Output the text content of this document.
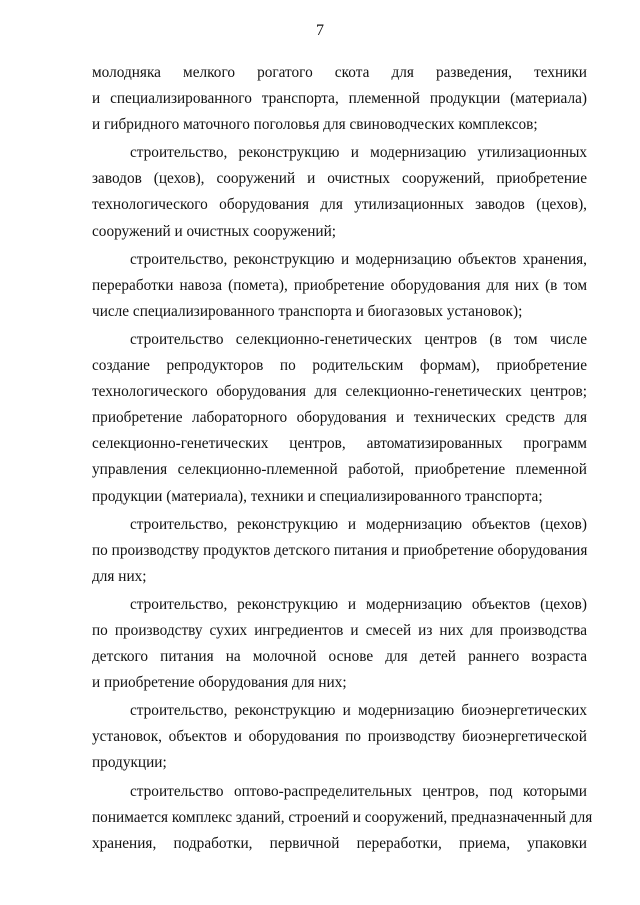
7
молодняка мелкого рогатого скота для разведения, техники
и специализированного транспорта, племенной продукции (материала)
и гибридного маточного поголовья для свиноводческих комплексов;
строительство, реконструкцию и модернизацию утилизационных
заводов (цехов), сооружений и очистных сооружений, приобретение
технологического оборудования для утилизационных заводов (цехов),
сооружений и очистных сооружений;
строительство, реконструкцию и модернизацию объектов хранения,
переработки навоза (помета), приобретение оборудования для них (в том
числе специализированного транспорта и биогазовых установок);
строительство селекционно-генетических центров (в том числе
создание репродукторов по родительским формам), приобретение
технологического оборудования для селекционно-генетических центров;
приобретение лабораторного оборудования и технических средств для
селекционно-генетических центров, автоматизированных программ
управления селекционно-племенной работой, приобретение племенной
продукции (материала), техники и специализированного транспорта;
строительство, реконструкцию и модернизацию объектов (цехов)
по производству продуктов детского питания и приобретение оборудования
для них;
строительство, реконструкцию и модернизацию объектов (цехов)
по производству сухих ингредиентов и смесей из них для производства
детского питания на молочной основе для детей раннего возраста
и приобретение оборудования для них;
строительство, реконструкцию и модернизацию биоэнергетических
установок, объектов и оборудования по производству биоэнергетической
продукции;
строительство оптово-распределительных центров, под которыми
понимается комплекс зданий, строений и сооружений, предназначенный для
хранения, подработки, первичной переработки, приема, упаковки
